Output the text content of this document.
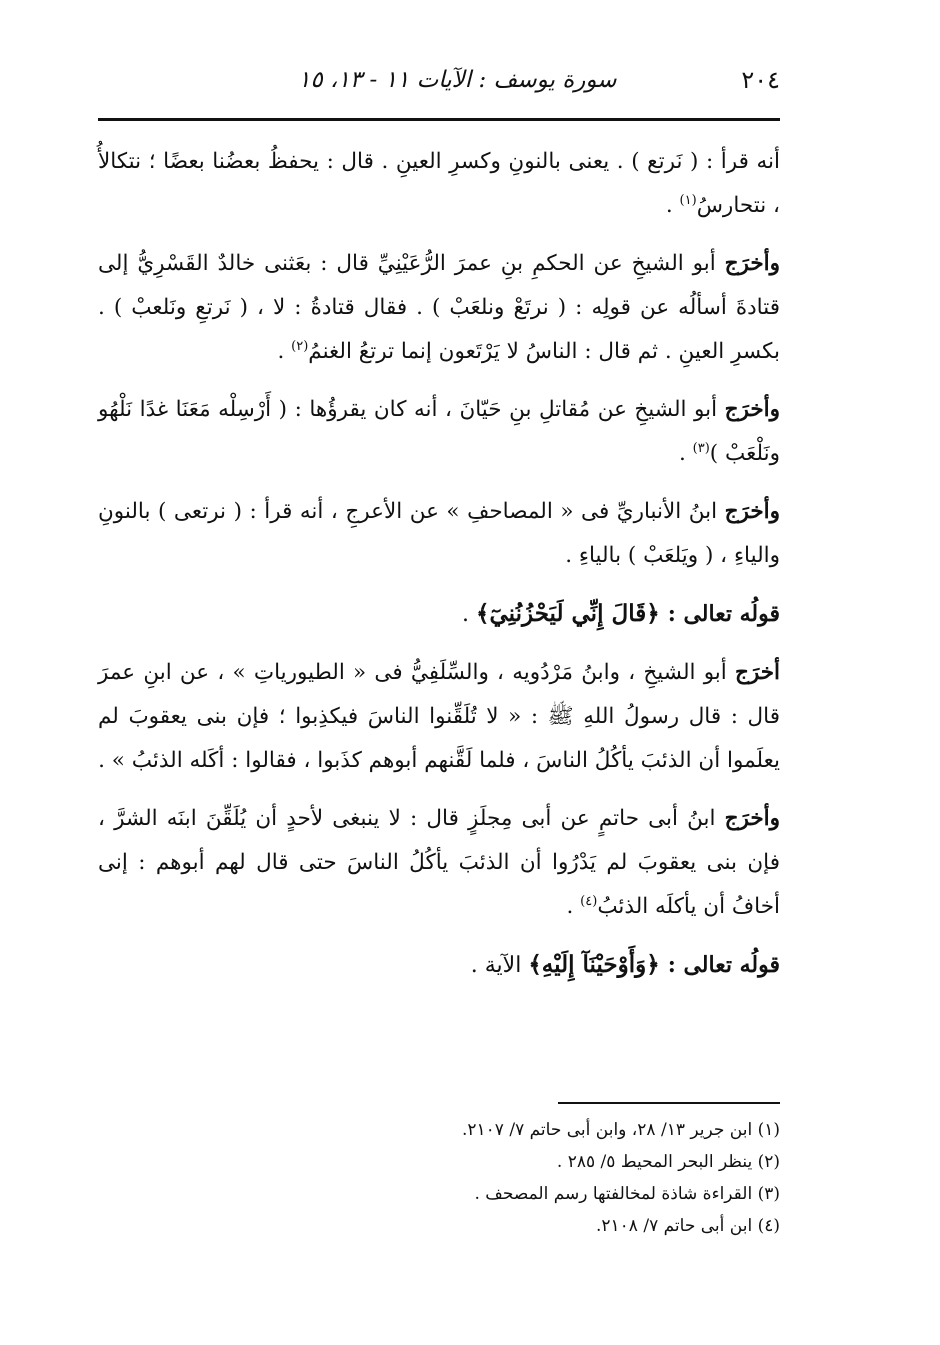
٢٠٤
سورة يوسف : الآيات ١١ - ١٣، ١٥

أنه قرأ : ( نَرتع ) . يعنى بالنونِ وكسرِ العينِ . قال : يحفظُ بعضُنا بعضًا ؛ نتكالأُ ، نتحارسُ$^{(١)}$ .

وأخرَج أبو الشيخِ عن الحكمِ بنِ عمرَ الرُّعَيْنِيِّ قال : بعَثنى خالدٌ القَسْرِيُّ إلى قتادةَ أسألُه عن قولِه : ( نرتَعْ ونلعَبْ ) . فقال قتادةُ : لا ، ( نَرتعِ ونَلعبْ ) . بكسرِ العينِ . ثم قال : الناسُ لا يَرْتَعون إنما ترتعُ الغنمُ$^{(٢)}$ .

وأخرَج أبو الشيخِ عن مُقاتلِ بنِ حَيّانَ ، أنه كان يقرؤُها : ( أَرْسِلْه مَعَنَا غدًا نَلْهُو ونَلْعَبْ )$^{(٣)}$ .

وأخرَج ابنُ الأنباريِّ فى « المصاحفِ » عن الأعرجِ ، أنه قرأ : ( نرتعى ) بالنونِ والياءِ ، ( ويَلعَبْ ) بالياءِ .

قولُه تعالى : ﴿قَالَ إِنِّي لَيَحْزُنُنِيٓ﴾ .

أخرَج أبو الشيخِ ، وابنُ مَرْدُويه ، والسِّلَفِيُّ فى « الطيورياتِ » ، عن ابنِ عمرَ قال : قال رسولُ اللهِ ﷺ : « لا تُلَقِّنوا الناسَ فيكذِبوا ؛ فإن بنى يعقوبَ لم يعلَموا أن الذئبَ يأكُلُ الناسَ ، فلما لَقَّنهم أبوهم كذَبوا ، فقالوا : أكَله الذئبُ » .

وأخرَج ابنُ أبى حاتمٍ عن أبى مِجلَزٍ قال : لا ينبغى لأحدٍ أن يُلَقِّنَ ابنَه الشرَّ ، فإن بنى يعقوبَ لم يَدْرُوا أن الذئبَ يأكُلُ الناسَ حتى قال لهم أبوهم : إنى أخافُ أن يأكلَه الذئبُ$^{(٤)}$ .

قولُه تعالى : ﴿وَأَوْحَيْنَآ إِلَيْهِ﴾ الآية .

(١) ابن جرير ١٣/ ٢٨، وابن أبى حاتم ٧/ ٢١٠٧.

(٢) ينظر البحر المحيط ٥/ ٢٨٥ .

(٣) القراءة شاذة لمخالفتها رسم المصحف .

(٤) ابن أبى حاتم ٧/ ٢١٠٨.
